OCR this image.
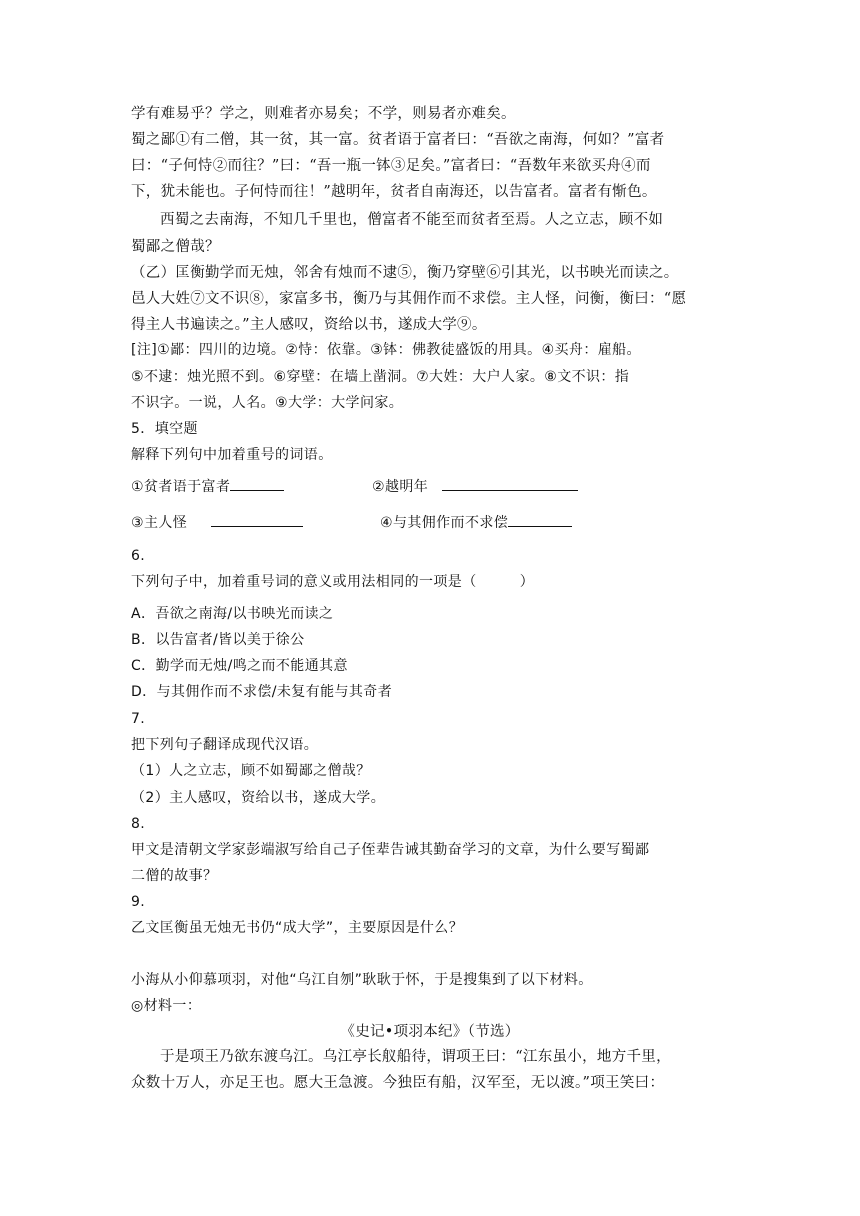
学有难易乎？学之，则难者亦易矣；不学，则易者亦难矣。
蜀之鄙①有二僧，其一贫，其一富。贫者语于富者曰：“吾欲之南海，何如？”富者
曰：“子何恃②而往？”曰：“吾一瓶一钵③足矣。”富者曰：“吾数年来欲买舟④而
下，犹未能也。子何恃而往！”越明年，贫者自南海还，以告富者。富者有惭色。
西蜀之去南海，不知几千里也，僧富者不能至而贫者至焉。人之立志，顾不如
蜀鄙之僧哉？
（乙）匡衡勤学而无烛，邻舍有烛而不逮⑤，衡乃穿壁⑥引其光，以书映光而读之。
邑人大姓⑦文不识⑧，家富多书，衡乃与其佣作而不求偿。主人怪，问衡，衡曰：“愿
得主人书遍读之。”主人感叹，资给以书，遂成大学⑨。
[注]①鄙：四川的边境。②恃：依靠。③钵：佛教徒盛饭的用具。④买舟：雇船。
⑤不逮：烛光照不到。⑥穿壁：在墙上凿洞。⑦大姓：大户人家。⑧文不识：指
不识字。一说，人名。⑨大学：大学问家。
5．填空题
解释下列句中加着重号的词语。
①贫者语于富者	②越明年
③主人怪	④与其佣作而不求偿
6.
下列句子中，加着重号词的意义或用法相同的一项是（　　　）
A．吾欲之南海/以书映光而读之
B．以告富者/皆以美于徐公
C．勤学而无烛/鸣之而不能通其意
D．与其佣作而不求偿/未复有能与其奇者
7.
把下列句子翻译成现代汉语。
（1）人之立志，顾不如蜀鄙之僧哉？
（2）主人感叹，资给以书，遂成大学。
8.
甲文是清朝文学家彭端淑写给自己子侄辈告诫其勤奋学习的文章，为什么要写蜀鄙
二僧的故事？
9.
乙文匡衡虽无烛无书仍“成大学”，主要原因是什么？
小海从小仰慕项羽，对他“乌江自刎”耿耿于怀，于是搜集到了以下材料。
◎材料一：
《史记•项羽本纪》（节选）
于是项王乃欲东渡乌江。乌江亭长舣船待，谓项王曰：“江东虽小，地方千里，
众数十万人，亦足王也。愿大王急渡。今独臣有船，汉军至，无以渡。”项王笑曰：
